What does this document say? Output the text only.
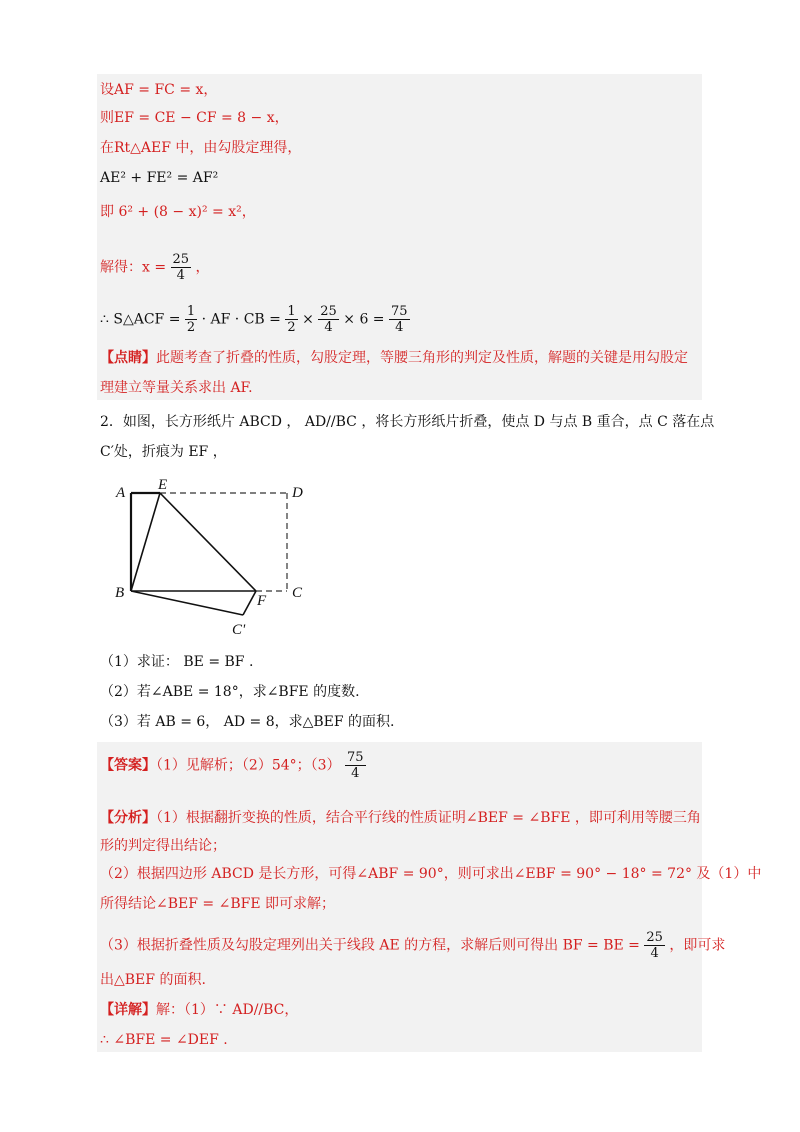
设AF = FC = x，
则EF = CE − CF = 8 − x，
在Rt△AEF 中，由勾股定理得，
AE² + FE² = AF²
即 6² + (8 − x)² = x²，
解得：$x = \frac{25}{4}$ ，
∴ S△ACF = $\frac{1}{2}$ · AF · CB = $\frac{1}{2} \times \frac{25}{4} \times 6 = \frac{75}{4}$
【点睛】此题考查了折叠的性质，勾股定理，等腰三角形的判定及性质，解题的关键是用勾股定
理建立等量关系求出 AF.
2．如图，长方形纸片 ABCD ， AD//BC ，将长方形纸片折叠，使点 D 与点 B 重合，点 C 落在点
C′处，折痕为 EF ，
A E	D
B	F C
C'
（1）求证： BE = BF .
（2）若∠ABE = 18°，求∠BFE 的度数.
（3）若 AB = 6， AD = 8，求△BEF 的面积.
【答案】（1）见解析；（2）54°；$(3) \frac{75}{4}$
【分析】（1）根据翻折变换的性质，结合平行线的性质证明∠BEF = ∠BFE ，即可利用等腰三角
形的判定得出结论；
（2）根据四边形 ABCD 是长方形，可得∠ABF = 90°，则可求出∠EBF = 90° − 18° = 72° 及（1）中
所得结论∠BEF = ∠BFE 即可求解；
（3）根据折叠性质及勾股定理列出关于线段 AE 的方程，求解后则可得出 BF = BE = $\frac{25}{4}$ ，即可求
出△BEF 的面积.
【详解】解：（1）∵ AD//BC，
∴ ∠BFE = ∠DEF .
